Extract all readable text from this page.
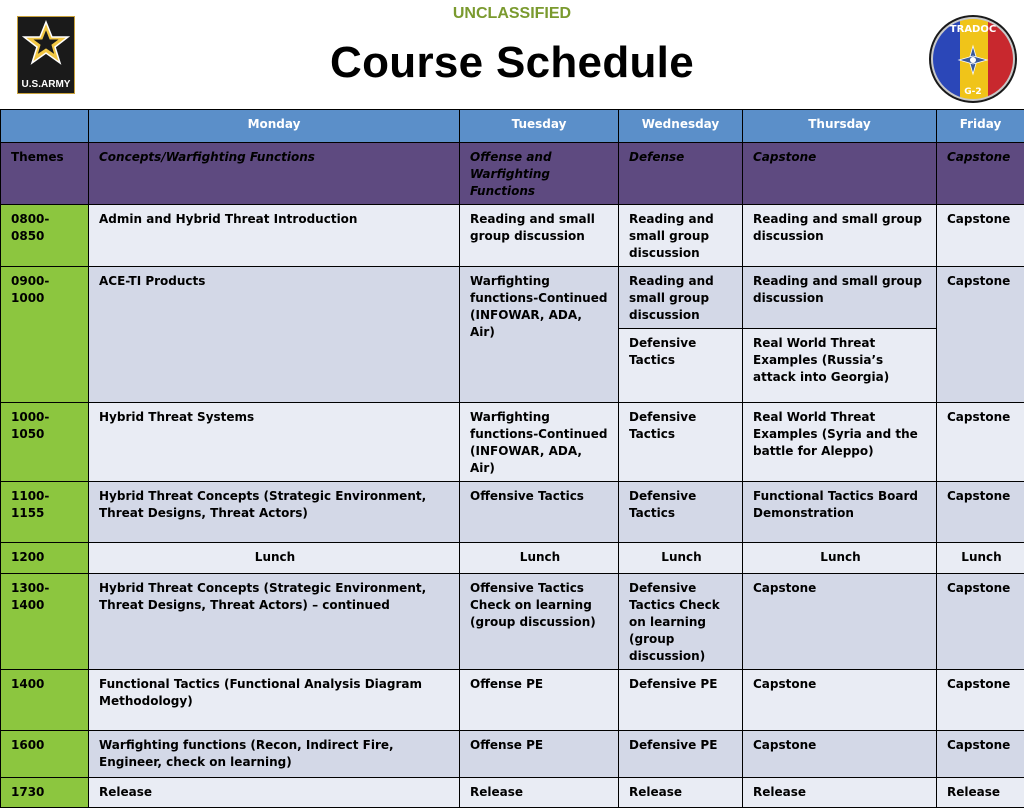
UNCLASSIFIED
U.S.ARMY	Course Schedule
TRADOC
G-2
	Monday	Tuesday	Wednesday	Thursday	Friday
Themes	Concepts/Warfighting Functions	Offense and Warfighting Functions	Defense	Capstone	Capstone
0800-0850	Admin and Hybrid Threat Introduction	Reading and small group discussion	Reading and small group discussion	Reading and small group discussion	Capstone
0900-1000	ACE-TI Products	Warfighting functions-Continued (INFOWAR, ADA, Air)	Reading and small group discussion	Reading and small group discussion	Capstone
			Defensive Tactics	Real World Threat Examples (Russia’s attack into Georgia)	
1000-1050	Hybrid Threat Systems	Warfighting functions-Continued (INFOWAR, ADA, Air)	Defensive Tactics	Real World Threat Examples (Syria and the battle for Aleppo)	Capstone
1100-1155	Hybrid Threat Concepts (Strategic Environment, Threat Designs, Threat Actors)	Offensive Tactics	Defensive Tactics	Functional Tactics Board Demonstration	Capstone
1200	Lunch	Lunch	Lunch	Lunch	Lunch
1300-1400	Hybrid Threat Concepts (Strategic Environment, Threat Designs, Threat Actors) – continued	Offensive Tactics Check on learning (group discussion)	Defensive Tactics Check on learning (group discussion)	Capstone	Capstone
1400	Functional Tactics (Functional Analysis Diagram Methodology)	Offense PE	Defensive PE	Capstone	Capstone
1600	Warfighting functions (Recon, Indirect Fire, Engineer, check on learning)	Offense PE	Defensive PE	Capstone	Capstone
1730	Release	Release	Release	Release	Release
